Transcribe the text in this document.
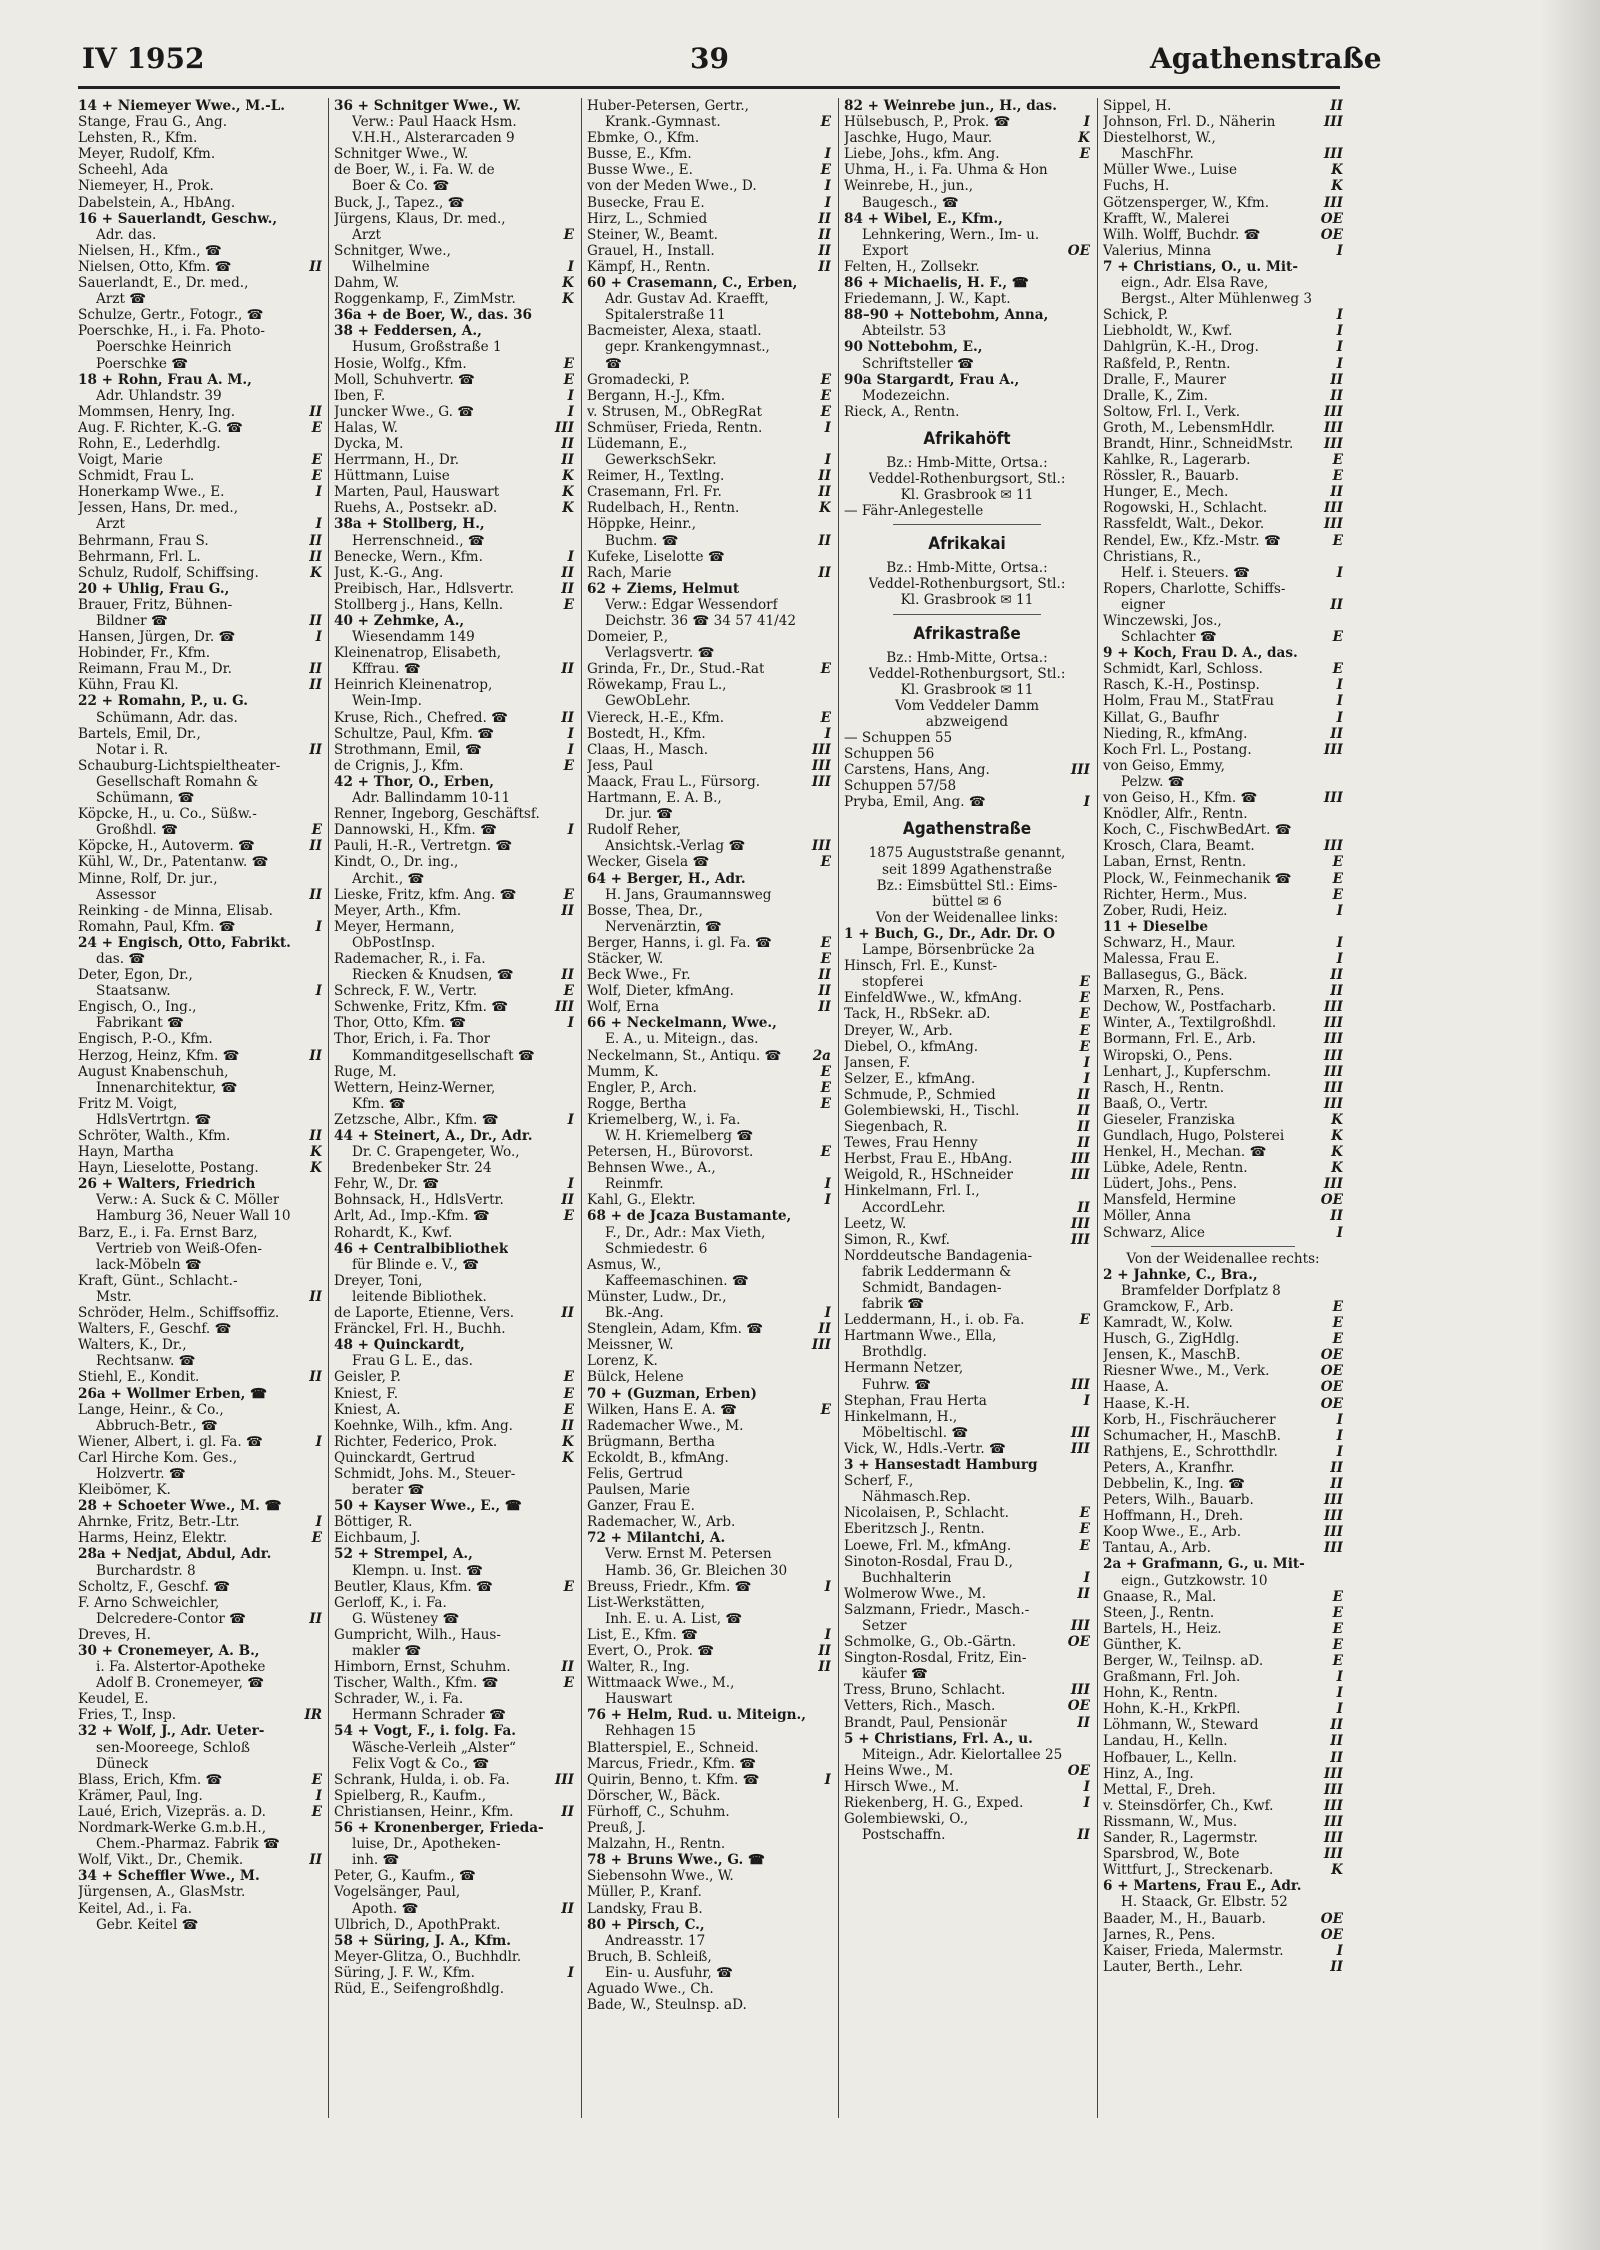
IV 1952	39	Agathenstraße
14 + Niemeyer Wwe., M.-L.
Stange, Frau G., Ang.
Lehsten, R., Kfm.
Meyer, Rudolf, Kfm.
Scheehl, Ada
Niemeyer, H., Prok.
Dabelstein, A., HbAng.
16 + Sauerlandt, Geschw.,
Adr. das.
Nielsen, H., Kfm., ☎
Nielsen, Otto, Kfm. ☎	II
Sauerlandt, E., Dr. med.,
Arzt ☎
Schulze, Gertr., Fotogr., ☎
Poerschke, H., i. Fa. Photo-
Poerschke Heinrich
Poerschke ☎
18 + Rohn, Frau A. M.,
Adr. Uhlandstr. 39
Mommsen, Henry, Ing.	II
Aug. F. Richter, K.-G. ☎	E
Rohn, E., Lederhdlg.
Voigt, Marie	E
Schmidt, Frau L.	E
Honerkamp Wwe., E.	I
Jessen, Hans, Dr. med.,
Arzt	I
Behrmann, Frau S.	II
Behrmann, Frl. L.	II
Schulz, Rudolf, Schiffsing.	K
20 + Uhlig, Frau G.,
Brauer, Fritz, Bühnen-
Bildner ☎	II
Hansen, Jürgen, Dr. ☎	I
Hobinder, Fr., Kfm.
Reimann, Frau M., Dr.	II
Kühn, Frau Kl.	II
22 + Romahn, P., u. G.
Schümann, Adr. das.
Bartels, Emil, Dr.,
Notar i. R.	II
Schauburg-Lichtspieltheater-
Gesellschaft Romahn &
Schümann, ☎
Köpcke, H., u. Co., Süßw.-
Großhdl. ☎	E
Köpcke, H., Autoverm. ☎	II
Kühl, W., Dr., Patentanw. ☎
Minne, Rolf, Dr. jur.,
Assessor	II
Reinking - de Minna, Elisab.
Romahn, Paul, Kfm. ☎	I
24 + Engisch, Otto, Fabrikt.
das. ☎
Deter, Egon, Dr.,
Staatsanw.	I
Engisch, O., Ing.,
Fabrikant ☎
Engisch, P.-O., Kfm.
Herzog, Heinz, Kfm. ☎	II
August Knabenschuh,
Innenarchitektur, ☎
Fritz M. Voigt,
HdlsVertrtgn. ☎
Schröter, Walth., Kfm.	II
Hayn, Martha	K
Hayn, Lieselotte, Postang.	K
26 + Walters, Friedrich
Verw.: A. Suck & C. Möller
Hamburg 36, Neuer Wall 10
Barz, E., i. Fa. Ernst Barz,
Vertrieb von Weiß-Ofen-
lack-Möbeln ☎
Kraft, Günt., Schlacht.-
Mstr.	II
Schröder, Helm., Schiffsoffiz.
Walters, F., Geschf. ☎
Walters, K., Dr.,
Rechtsanw. ☎
Stiehl, E., Kondit.	II
26a + Wollmer Erben, ☎
Lange, Heinr., & Co.,
Abbruch-Betr., ☎
Wiener, Albert, i. gl. Fa. ☎	I
Carl Hirche Kom. Ges.,
Holzvertr. ☎
Kleibömer, K.
28 + Schoeter Wwe., M. ☎
Ahrnke, Fritz, Betr.-Ltr.	I
Harms, Heinz, Elektr.	E
28a + Nedjat, Abdul, Adr.
Burchardstr. 8
Scholtz, F., Geschf. ☎
F. Arno Schweichler,
Delcredere-Contor ☎	II
Dreves, H.
30 + Cronemeyer, A. B.,
i. Fa. Alstertor-Apotheke
Adolf B. Cronemeyer, ☎
Keudel, E.
Fries, T., Insp.	IR
32 + Wolf, J., Adr. Ueter-
sen-Mooreege, Schloß
Düneck
Blass, Erich, Kfm. ☎	E
Krämer, Paul, Ing.	I
Laué, Erich, Vizepräs. a. D.	E
Nordmark-Werke G.m.b.H.,
Chem.-Pharmaz. Fabrik ☎
Wolf, Vikt., Dr., Chemik.	II
34 + Scheffler Wwe., M.
Jürgensen, A., GlasMstr.
Keitel, Ad., i. Fa.
Gebr. Keitel ☎
36 + Schnitger Wwe., W.
Verw.: Paul Haack Hsm.
V.H.H., Alsterarcaden 9
Schnitger Wwe., W.
de Boer, W., i. Fa. W. de
Boer & Co. ☎
Buck, J., Tapez., ☎
Jürgens, Klaus, Dr. med.,
Arzt	E
Schnitger, Wwe.,
Wilhelmine	I
Dahm, W.	K
Roggenkamp, F., ZimMstr.	K
36a + de Boer, W., das. 36
38 + Feddersen, A.,
Husum, Großstraße 1
Hosie, Wolfg., Kfm.	E
Moll, Schuhvertr. ☎	E
Iben, F.	I
Juncker Wwe., G. ☎	I
Halas, W.	III
Dycka, M.	II
Herrmann, H., Dr.	II
Hüttmann, Luise	K
Marten, Paul, Hauswart	K
Ruehs, A., Postsekr. aD.	K
38a + Stollberg, H.,
Herrenschneid., ☎
Benecke, Wern., Kfm.	I
Just, K.-G., Ang.	II
Preibisch, Har., Hdlsvertr.	II
Stollberg j., Hans, Kelln.	E
40 + Zehmke, A.,
Wiesendamm 149
Kleinenatrop, Elisabeth,
Kffrau. ☎	II
Heinrich Kleinenatrop,
Wein-Imp.
Kruse, Rich., Chefred. ☎	II
Schultze, Paul, Kfm. ☎	I
Strothmann, Emil, ☎	I
de Crignis, J., Kfm.	E
42 + Thor, O., Erben,
Adr. Ballindamm 10-11
Renner, Ingeborg, Geschäftsf.
Dannowski, H., Kfm. ☎	I
Pauli, H.-R., Vertretgn. ☎
Kindt, O., Dr. ing.,
Archit., ☎
Lieske, Fritz, kfm. Ang. ☎	E
Meyer, Arth., Kfm.	II
Meyer, Hermann,
ObPostInsp.
Rademacher, R., i. Fa.
Riecken & Knudsen, ☎	II
Schreck, F. W., Vertr.	E
Schwenke, Fritz, Kfm. ☎	III
Thor, Otto, Kfm. ☎	I
Thor, Erich, i. Fa. Thor
Kommanditgesellschaft ☎
Ruge, M.
Wettern, Heinz-Werner,
Kfm. ☎
Zetzsche, Albr., Kfm. ☎	I
44 + Steinert, A., Dr., Adr.
Dr. C. Grapengeter, Wo.,
Bredenbeker Str. 24
Fehr, W., Dr. ☎	I
Bohnsack, H., HdlsVertr.	II
Arlt, Ad., Imp.-Kfm. ☎	E
Rohardt, K., Kwf.
46 + Centralbibliothek
für Blinde e. V., ☎
Dreyer, Toni,
leitende Bibliothek.
de Laporte, Etienne, Vers.	II
Fränckel, Frl. H., Buchh.
48 + Quinckardt,
Frau G L. E., das.
Geisler, P.	E
Kniest, F.	E
Kniest, A.	E
Koehnke, Wilh., kfm. Ang.	II
Richter, Federico, Prok.	K
Quinckardt, Gertrud	K
Schmidt, Johs. M., Steuer-
berater ☎
50 + Kayser Wwe., E., ☎
Böttiger, R.
Eichbaum, J.
52 + Strempel, A.,
Klempn. u. Inst. ☎
Beutler, Klaus, Kfm. ☎	E
Gerloff, K., i. Fa.
G. Wüsteney ☎
Gumpricht, Wilh., Haus-
makler ☎
Himborn, Ernst, Schuhm.	II
Tischer, Walth., Kfm. ☎	E
Schrader, W., i. Fa.
Hermann Schrader ☎
54 + Vogt, F., i. folg. Fa.
Wäsche-Verleih „Alster“
Felix Vogt & Co., ☎
Schrank, Hulda, i. ob. Fa.	III
Spielberg, R., Kaufm.,
Christiansen, Heinr., Kfm.	II
56 + Kronenberger, Frieda-
luise, Dr., Apotheken-
inh. ☎
Peter, G., Kaufm., ☎
Vogelsänger, Paul,
Apoth. ☎	II
Ulbrich, D., ApothPrakt.
58 + Süring, J. A., Kfm.
Meyer-Glitza, O., Buchhdlr.
Süring, J. F. W., Kfm.	I
Rüd, E., Seifengroßhdlg.
Huber-Petersen, Gertr.,
Krank.-Gymnast.	E
Ebmke, O., Kfm.
Busse, E., Kfm.	I
Busse Wwe., E.	E
von der Meden Wwe., D.	I
Busecke, Frau E.	I
Hirz, L., Schmied	II
Steiner, W., Beamt.	II
Grauel, H., Install.	II
Kämpf, H., Rentn.	II
60 + Crasemann, C., Erben,
Adr. Gustav Ad. Kraefft,
Spitalerstraße 11
Bacmeister, Alexa, staatl.
gepr. Krankengymnast.,
☎
Gromadecki, P.	E
Bergann, H.-J., Kfm.	E
v. Strusen, M., ObRegRat	E
Schmüser, Frieda, Rentn.	I
Lüdemann, E.,
GewerkschSekr.	I
Reimer, H., Textlng.	II
Crasemann, Frl. Fr.	II
Rudelbach, H., Rentn.	K
Höppke, Heinr.,
Buchm. ☎	II
Kufeke, Liselotte ☎
Rach, Marie	II
62 + Ziems, Helmut
Verw.: Edgar Wessendorf
Deichstr. 36 ☎ 34 57 41/42
Domeier, P.,
Verlagsvertr. ☎
Grinda, Fr., Dr., Stud.-Rat	E
Röwekamp, Frau L.,
GewObLehr.
Viereck, H.-E., Kfm.	E
Bostedt, H., Kfm.	I
Claas, H., Masch.	III
Jess, Paul	III
Maack, Frau L., Fürsorg.	III
Hartmann, E. A. B.,
Dr. jur. ☎
Rudolf Reher,
Ansichtsk.-Verlag ☎	III
Wecker, Gisela ☎	E
64 + Berger, H., Adr.
H. Jans, Graumannsweg
Bosse, Thea, Dr.,
Nervenärztin, ☎
Berger, Hanns, i. gl. Fa. ☎	E
Stäcker, W.	E
Beck Wwe., Fr.	II
Wolf, Dieter, kfmAng.	II
Wolf, Erna	II
66 + Neckelmann, Wwe.,
E. A., u. Miteign., das.
Neckelmann, St., Antiqu. ☎ 2a
Mumm, K.	E
Engler, P., Arch.	E
Rogge, Bertha	E
Kriemelberg, W., i. Fa.
W. H. Kriemelberg ☎
Petersen, H., Bürovorst.	E
Behnsen Wwe., A.,
Reinmfr.	I
Kahl, G., Elektr.	I
68 + de Jcaza Bustamante,
F., Dr., Adr.: Max Vieth,
Schmiedestr. 6
Asmus, W.,
Kaffeemaschinen. ☎
Münster, Ludw., Dr.,
Bk.-Ang.	I
Stenglein, Adam, Kfm. ☎	II
Meissner, W.	III
Lorenz, K.
Bülck, Helene
70 + (Guzman, Erben)
Wilken, Hans E. A. ☎	E
Rademacher Wwe., M.
Brügmann, Bertha
Eckoldt, B., kfmAng.
Felis, Gertrud
Paulsen, Marie
Ganzer, Frau E.
Rademacher, W., Arb.
72 + Milantchi, A.
Verw. Ernst M. Petersen
Hamb. 36, Gr. Bleichen 30
Breuss, Friedr., Kfm. ☎	I
List-Werkstätten,
Inh. E. u. A. List, ☎
List, E., Kfm. ☎	I
Evert, O., Prok. ☎	II
Walter, R., Ing.	II
Wittmaack Wwe., M.,
Hauswart
76 + Helm, Rud. u. Miteign.,
Rehhagen 15
Blatterspiel, E., Schneid.
Marcus, Friedr., Kfm. ☎
Quirin, Benno, t. Kfm. ☎	I
Dörscher, W., Bäck.
Fürhoff, C., Schuhm.
Preuß, J.
Malzahn, H., Rentn.
78 + Bruns Wwe., G. ☎
Siebensohn Wwe., W.
Müller, P., Kranf.
Landsky, Frau B.
80 + Pirsch, C.,
Andreasstr. 17
Bruch, B. Schleiß,
Ein- u. Ausfuhr, ☎
Aguado Wwe., Ch.
Bade, W., Steulnsp. aD.
82 + Weinrebe jun., H., das.
Hülsebusch, P., Prok. ☎	I
Jaschke, Hugo, Maur.	K
Liebe, Johs., kfm. Ang.	E
Uhma, H., i. Fa. Uhma & Hon
Weinrebe, H., jun.,
Baugesch., ☎
84 + Wibel, E., Kfm.,
Lehnkering, Wern., Im- u.
Export	OE
Felten, H., Zollsekr.
86 + Michaelis, H. F., ☎
Friedemann, J. W., Kapt.
88–90 + Nottebohm, Anna,
Abteilstr. 53
90 Nottebohm, E.,
Schriftsteller ☎
90a Stargardt, Frau A.,
Modezeichn.
Rieck, A., Rentn.
Afrikahöft
Bz.: Hmb-Mitte, Ortsa.:
Veddel-Rothenburgsort, Stl.:
Kl. Grasbrook ✉ 11
— Fähr-Anlegestelle
Afrikakai
Bz.: Hmb-Mitte, Ortsa.:
Veddel-Rothenburgsort, Stl.:
Kl. Grasbrook ✉ 11
Afrikastraße
Bz.: Hmb-Mitte, Ortsa.:
Veddel-Rothenburgsort, Stl.:
Kl. Grasbrook ✉ 11
Vom Veddeler Damm
abzweigend
— Schuppen 55
Schuppen 56
Carstens, Hans, Ang.	III
Schuppen 57/58
Pryba, Emil, Ang. ☎	I
Agathenstraße
1875 Auguststraße genannt,
seit 1899 Agathenstraße
Bz.: Eimsbüttel Stl.: Eims-
büttel ✉ 6
Von der Weidenallee links:
1 + Buch, G., Dr., Adr. Dr. O
Lampe, Börsenbrücke 2a
Hinsch, Frl. E., Kunst-
stopferei	E
EinfeldWwe., W., kfmAng.	E
Tack, H., RbSekr. aD.	E
Dreyer, W., Arb.	E
Diebel, O., kfmAng.	E
Jansen, F.	I
Selzer, E., kfmAng.	I
Schmude, P., Schmied	II
Golembiewski, H., Tischl.	II
Siegenbach, R.	II
Tewes, Frau Henny	II
Herbst, Frau E., HbAng.	III
Weigold, R., HSchneider	III
Hinkelmann, Frl. I.,
AccordLehr.	II
Leetz, W.	III
Simon, R., Kwf.	III
Norddeutsche Bandagenia-
fabrik Leddermann &
Schmidt, Bandagen-
fabrik ☎
Leddermann, H., i. ob. Fa.	E
Hartmann Wwe., Ella,
Brothdlg.
Hermann Netzer,
Fuhrw. ☎	III
Stephan, Frau Herta	I
Hinkelmann, H.,
Möbeltischl. ☎	III
Vick, W., Hdls.-Vertr. ☎	III
3 + Hansestadt Hamburg
Scherf, F.,
Nähmasch.Rep.
Nicolaisen, P., Schlacht.	E
Eberitzsch J., Rentn.	E
Loewe, Frl. M., kfmAng.	E
Sinoton-Rosdal, Frau D.,
Buchhalterin	I
Wolmerow Wwe., M.	II
Salzmann, Friedr., Masch.-
Setzer	III
Schmolke, G., Ob.-Gärtn.	OE
Sington-Rosdal, Fritz, Ein-
käufer ☎
Tress, Bruno, Schlacht.	III
Vetters, Rich., Masch.	OE
Brandt, Paul, Pensionär	II
5 + Christians, Frl. A., u.
Miteign., Adr. Kielortallee 25
Heins Wwe., M.	OE
Hirsch Wwe., M.	I
Riekenberg, H. G., Exped.	I
Golembiewski, O.,
Postschaffn.	II
Sippel, H.	II
Johnson, Frl. D., Näherin	III
Diestelhorst, W.,
MaschFhr.	III
Müller Wwe., Luise	K
Fuchs, H.	K
Götzensperger, W., Kfm.	III
Krafft, W., Malerei	OE
Wilh. Wolff, Buchdr. ☎	OE
Valerius, Minna	I
7 + Christians, O., u. Mit-
eign., Adr. Elsa Rave,
Bergst., Alter Mühlenweg 3
Schick, P.	I
Liebholdt, W., Kwf.	I
Dahlgrün, K.-H., Drog.	I
Raßfeld, P., Rentn.	I
Dralle, F., Maurer	II
Dralle, K., Zim.	II
Soltow, Frl. I., Verk.	III
Groth, M., LebensmHdlr.	III
Brandt, Hinr., SchneidMstr. III
Kahlke, R., Lagerarb.	E
Rössler, R., Bauarb.	E
Hunger, E., Mech.	II
Rogowski, H., Schlacht.	III
Rassfeldt, Walt., Dekor.	III
Rendel, Ew., Kfz.-Mstr. ☎	E
Christians, R.,
Helf. i. Steuers. ☎	I
Ropers, Charlotte, Schiffs-
eigner	II
Winczewski, Jos.,
Schlachter ☎	E
9 + Koch, Frau D. A., das.
Schmidt, Karl, Schloss.	E
Rasch, K.-H., Postinsp.	I
Holm, Frau M., StatFrau	I
Killat, G., Baufhr	I
Nieding, R., kfmAng.	II
Koch Frl. L., Postang.	III
von Geiso, Emmy,
Pelzw. ☎
von Geiso, H., Kfm. ☎	III
Knödler, Alfr., Rentn.
Koch, C., FischwBedArt. ☎
Krosch, Clara, Beamt.	III
Laban, Ernst, Rentn.	E
Plock, W., Feinmechanik ☎	E
Richter, Herm., Mus.	E
Zober, Rudi, Heiz.	I
11 + Dieselbe
Schwarz, H., Maur.	I
Malessa, Frau E.	I
Ballasegus, G., Bäck.	II
Marxen, R., Pens.	II
Dechow, W., Postfacharb.	III
Winter, A., Textilgroßhdl.	III
Bormann, Frl. E., Arb.	III
Wiropski, O., Pens.	III
Lenhart, J., Kupferschm.	III
Rasch, H., Rentn.	III
Baaß, O., Vertr.	III
Gieseler, Franziska	K
Gundlach, Hugo, Polsterei	K
Henkel, H., Mechan. ☎	K
Lübke, Adele, Rentn.	K
Lüdert, Johs., Pens.	III
Mansfeld, Hermine	OE
Möller, Anna	II
Schwarz, Alice	I
Von der Weidenallee rechts:
2 + Jahnke, C., Bra.,
Bramfelder Dorfplatz 8
Gramckow, F., Arb.	E
Kamradt, W., Kolw.	E
Husch, G., ZigHdlg.	E
Jensen, K., MaschB.	OE
Riesner Wwe., M., Verk.	OE
Haase, A.	OE
Haase, K.-H.	OE
Korb, H., Fischräucherer	I
Schumacher, H., MaschB.	I
Rathjens, E., Schrotthdlr.	I
Peters, A., Kranfhr.	II
Debbelin, K., Ing. ☎	II
Peters, Wilh., Bauarb.	III
Hoffmann, H., Dreh.	III
Koop Wwe., E., Arb.	III
Tantau, A., Arb.	III
2a + Grafmann, G., u. Mit-
eign., Gutzkowstr. 10
Gnaase, R., Mal.	E
Steen, J., Rentn.	E
Bartels, H., Heiz.	E
Günther, K.	E
Berger, W., Teilnsp. aD.	E
Graßmann, Frl. Joh.	I
Hohn, K., Rentn.	I
Hohn, K.-H., KrkPfl.	I
Löhmann, W., Steward	II
Landau, H., Kelln.	II
Hofbauer, L., Kelln.	II
Hinz, A., Ing.	III
Mettal, F., Dreh.	III
v. Steinsdörfer, Ch., Kwf.	III
Rissmann, W., Mus.	III
Sander, R., Lagermstr.	III
Sparsbrod, W., Bote	III
Wittfurt, J., Streckenarb.	K
6 + Martens, Frau E., Adr.
H. Staack, Gr. Elbstr. 52
Baader, M., H., Bauarb.	OE
Jarnes, R., Pens.	OE
Kaiser, Frieda, Malermstr.	I
Lauter, Berth., Lehr.	II
